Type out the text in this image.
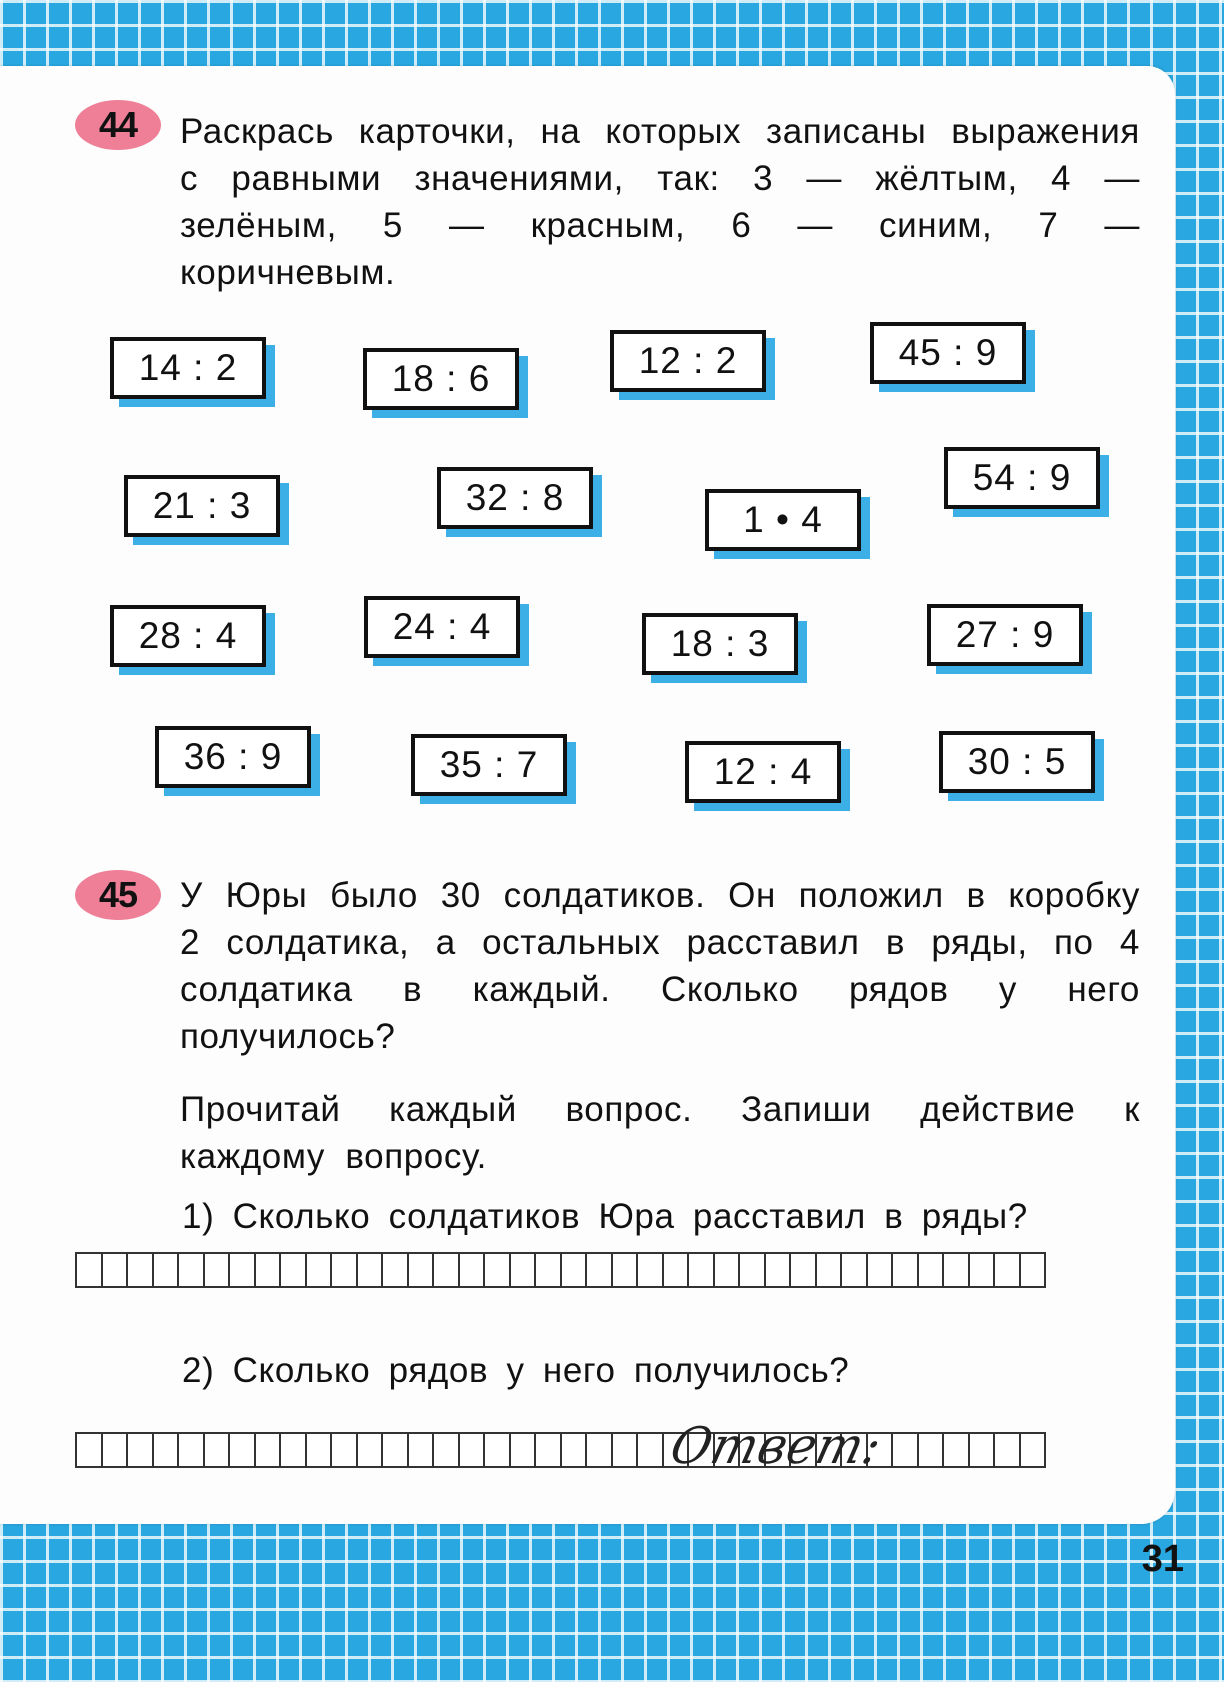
44 Раскрась карточки, на которых записаны выражения с равными значениями, так: 3 — жёлтым, 4 — зелёным, 5 — красным, 6 — синим, 7 — коричневым.

14 : 2	18 : 6	12 : 2	45 : 9
21 : 3	32 : 8
1 • 4
54 : 9
28 : 4	24 : 4	18 : 3	27 : 9
36 : 9	35 : 7	12 : 4	30 : 5
45 У Юры было 30 солдатиков. Он положил в коробку 2 солдатика, а остальных расставил в ряды, по 4 солдатика в каждый. Сколько рядов у него получилось?

Прочитай каждый вопрос. Запиши действие к каждому вопросу.

1) Сколько солдатиков Юра расставил в ряды?
2) Сколько рядов у него получилось?
Ответ:
31
